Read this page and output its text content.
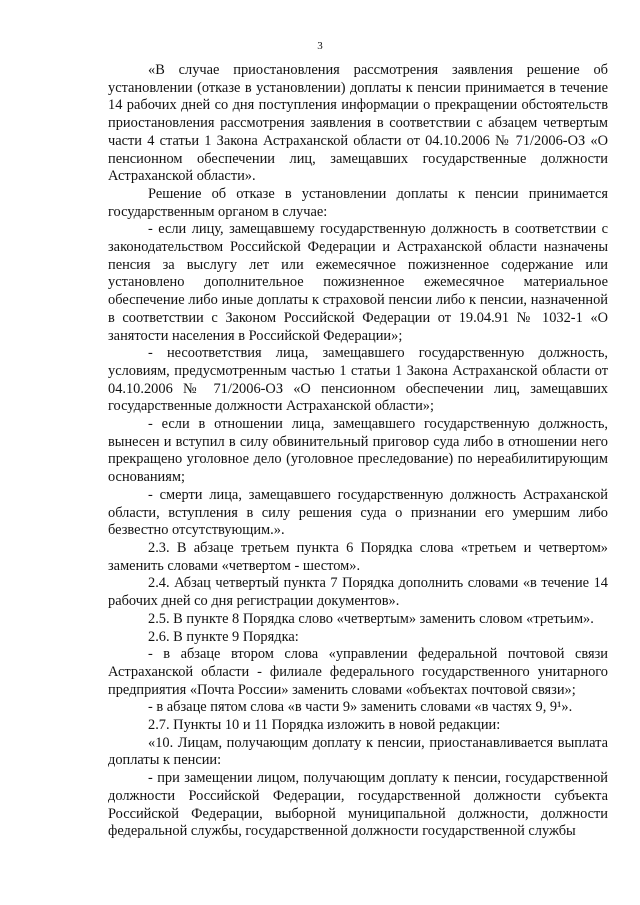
3

«В случае приостановления рассмотрения заявления решение об установлении (отказе в установлении) доплаты к пенсии принимается в течение 14 рабочих дней со дня поступления информации о прекращении обстоятельств приостановления рассмотрения заявления в соответствии с абзацем четвертым части 4 статьи 1 Закона Астраханской области от 04.10.2006 № 71/2006-ОЗ «О пенсионном обеспечении лиц, замещавших государственные должности Астраханской области».

Решение об отказе в установлении доплаты к пенсии принимается государственным органом в случае:

- если лицу, замещавшему государственную должность в соответствии с законодательством Российской Федерации и Астраханской области назначены пенсия за выслугу лет или ежемесячное пожизненное содержание или установлено дополнительное пожизненное ежемесячное материальное обеспечение либо иные доплаты к страховой пенсии либо к пенсии, назначенной в соответствии с Законом Российской Федерации от 19.04.91 № 1032-1 «О занятости населения в Российской Федерации»;

- несоответствия лица, замещавшего государственную должность, условиям, предусмотренным частью 1 статьи 1 Закона Астраханской области от 04.10.2006 № 71/2006-ОЗ «О пенсионном обеспечении лиц, замещавших государственные должности Астраханской области»;

- если в отношении лица, замещавшего государственную должность, вынесен и вступил в силу обвинительный приговор суда либо в отношении него прекращено уголовное дело (уголовное преследование) по нереабилитирующим основаниям;

- смерти лица, замещавшего государственную должность Астраханской области, вступления в силу решения суда о признании его умершим либо безвестно отсутствующим.».

2.3. В абзаце третьем пункта 6 Порядка слова «третьем и четвертом» заменить словами «четвертом - шестом».

2.4. Абзац четвертый пункта 7 Порядка дополнить словами «в течение 14 рабочих дней со дня регистрации документов».

2.5. В пункте 8 Порядка слово «четвертым» заменить словом «третьим».

2.6. В пункте 9 Порядка:

- в абзаце втором слова «управлении федеральной почтовой связи Астраханской области - филиале федерального государственного унитарного предприятия «Почта России» заменить словами «объектах почтовой связи»;

- в абзаце пятом слова «в части 9» заменить словами «в частях 9, 9¹».

2.7. Пункты 10 и 11 Порядка изложить в новой редакции:

«10. Лицам, получающим доплату к пенсии, приостанавливается выплата доплаты к пенсии:

- при замещении лицом, получающим доплату к пенсии, государственной должности Российской Федерации, государственной должности субъекта Российской Федерации, выборной муниципальной должности, должности федеральной службы, государственной должности государственной службы
